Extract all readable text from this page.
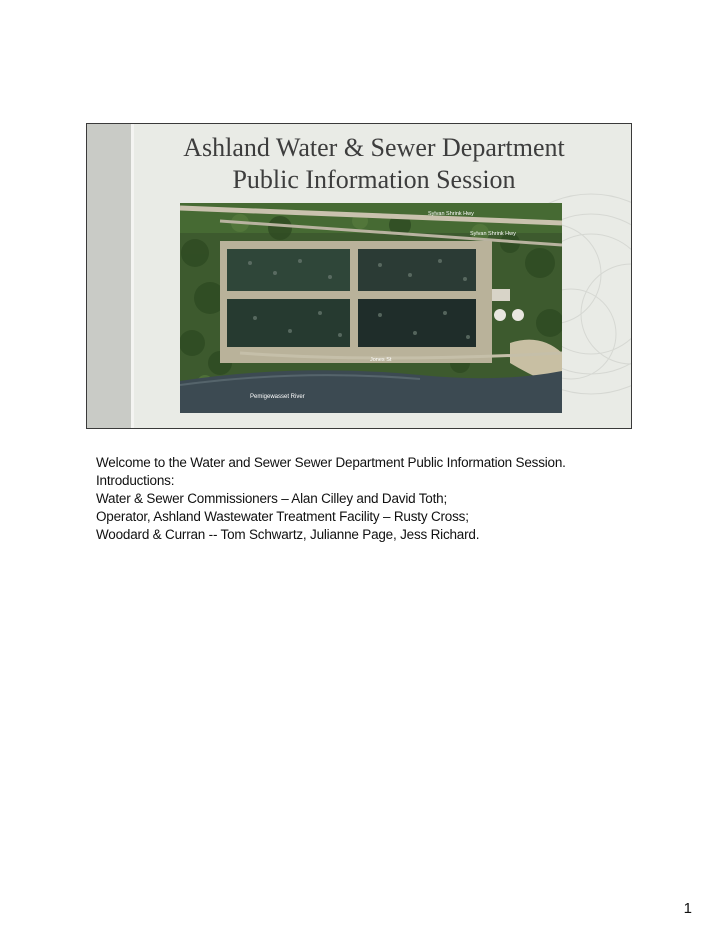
Ashland Water & Sewer Department
Public Information Session
Sylvan Shrink Hwy
Sylvan Shrink Hwy
Jones St
Pemigewasset River
Welcome to the Water and Sewer Sewer Department Public Information Session.
Introductions:
Water & Sewer Commissioners – Alan Cilley and David Toth;
Operator, Ashland Wastewater Treatment Facility – Rusty Cross;
Woodard & Curran -- Tom Schwartz, Julianne Page, Jess Richard.
1
